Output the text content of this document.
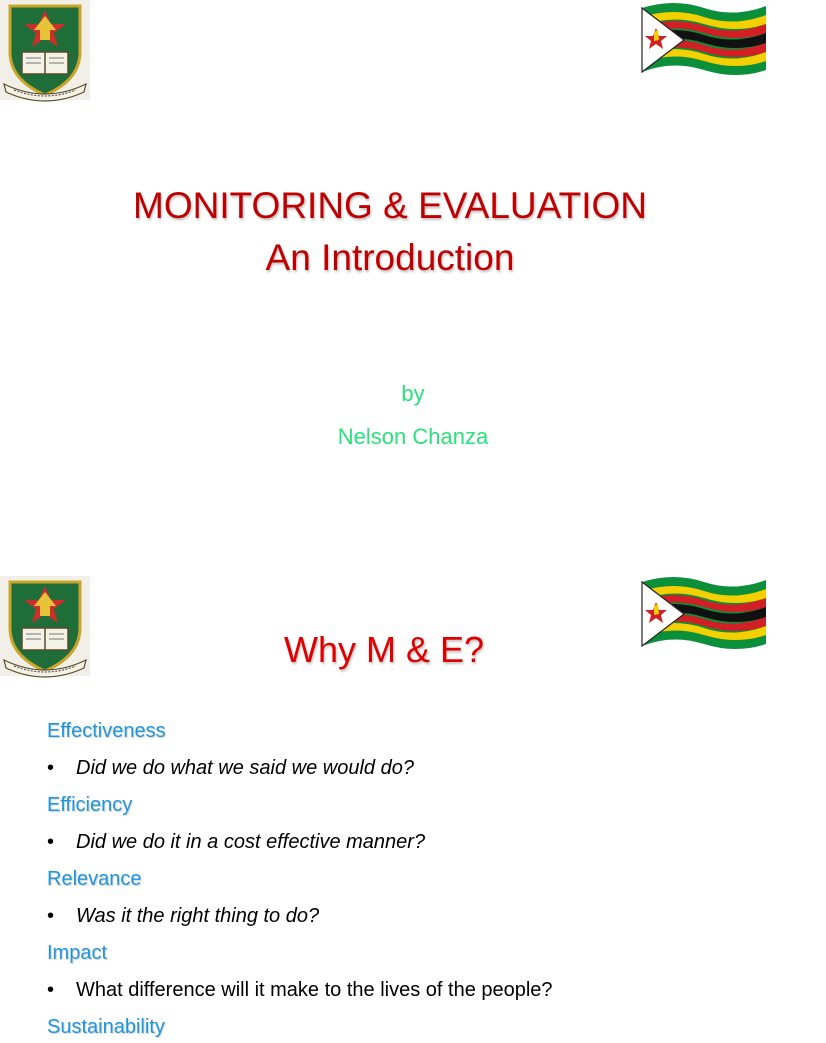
MONITORING & EVALUATION
An Introduction
by
Nelson Chanza
Why M & E?
Effectiveness
• Did we do what we said we would do?
Efficiency
• Did we do it in a cost effective manner?
Relevance
• Was it the right thing to do?
Impact
• What difference will it make to the lives of the people?
Sustainability
